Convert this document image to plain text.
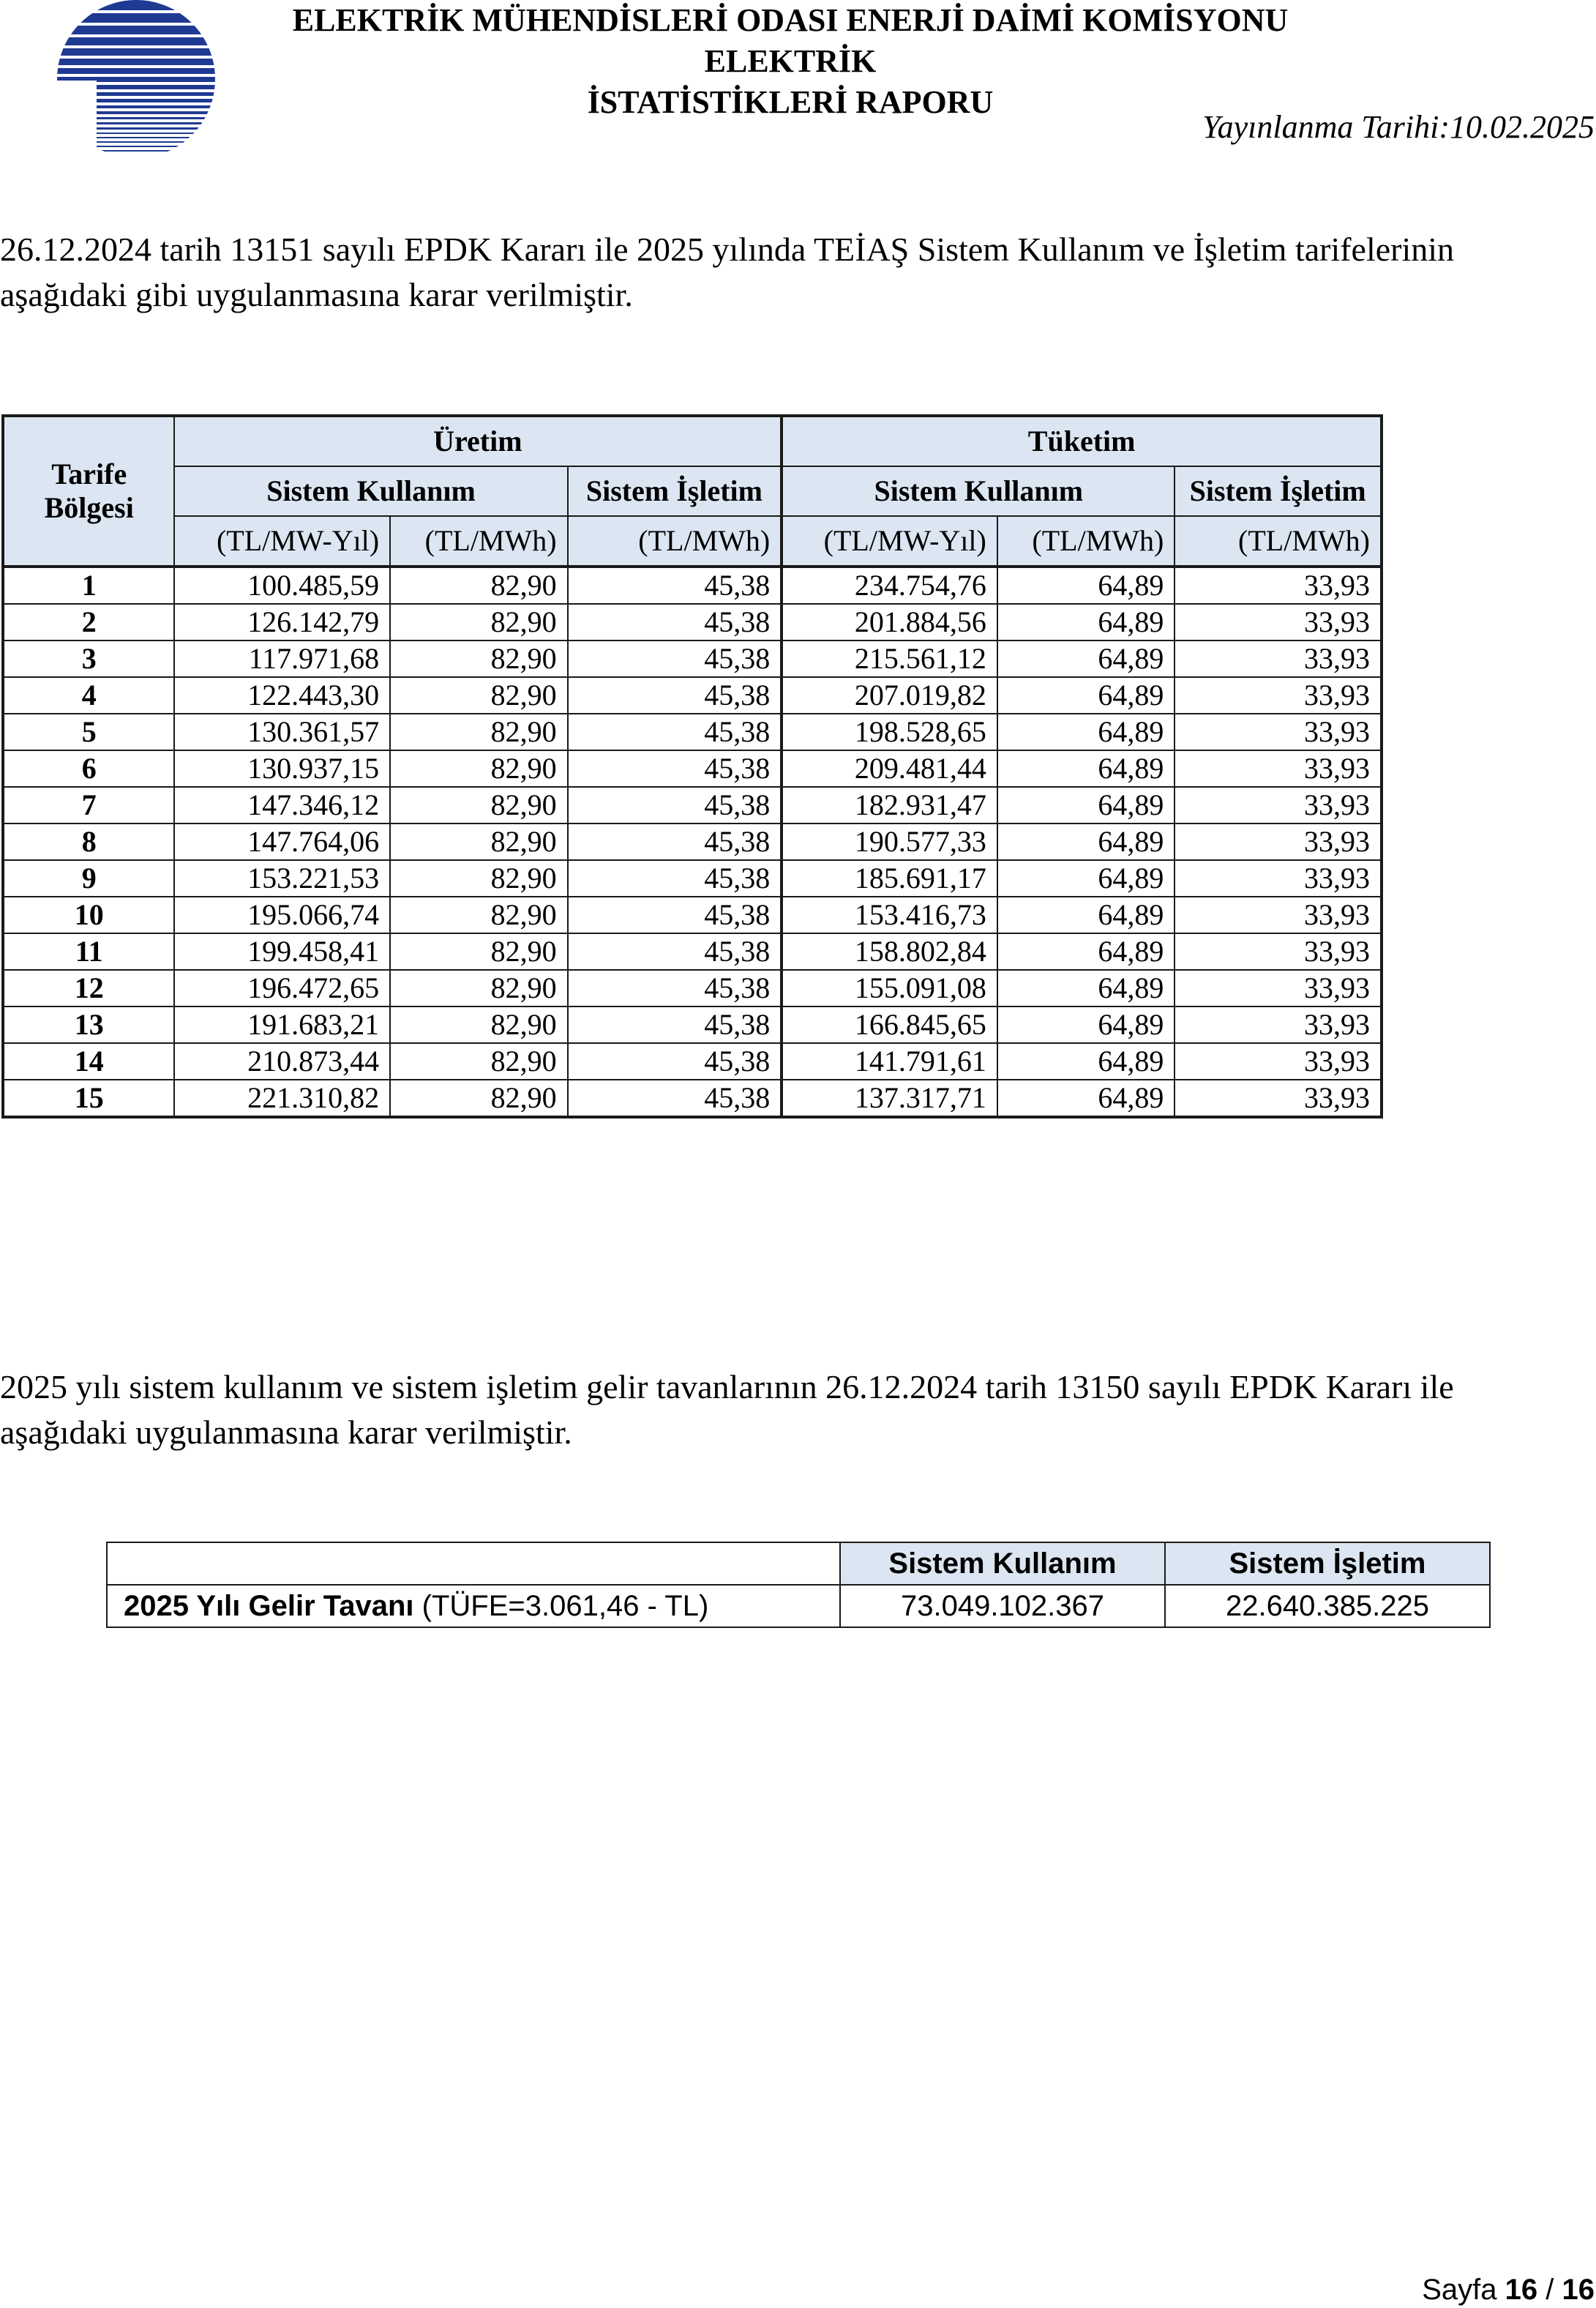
ELEKTRİK MÜHENDİSLERİ ODASI ENERJİ DAİMİ KOMİSYONU ELEKTRİK
İSTATİSTİKLERİ RAPORU
Yayınlanma Tarihi:10.02.2025
26.12.2024 tarih 13151 sayılı EPDK Kararı ile 2025 yılında TEİAŞ Sistem Kullanım ve İşletim tarifelerinin
aşağıdaki gibi uygulanmasına karar verilmiştir.
Tarife Bölgesi	Üretim			Tüketim		
	Sistem Kullanım		Sistem İşletim	Sistem Kullanım		Sistem İşletim
	(TL/MW-Yıl)	(TL/MWh)	(TL/MWh)	(TL/MW-Yıl)	(TL/MWh)	(TL/MWh)
1	100.485,59	82,90	45,38	234.754,76	64,89	33,93
2	126.142,79	82,90	45,38	201.884,56	64,89	33,93
3	117.971,68	82,90	45,38	215.561,12	64,89	33,93
4	122.443,30	82,90	45,38	207.019,82	64,89	33,93
5	130.361,57	82,90	45,38	198.528,65	64,89	33,93
6	130.937,15	82,90	45,38	209.481,44	64,89	33,93
7	147.346,12	82,90	45,38	182.931,47	64,89	33,93
8	147.764,06	82,90	45,38	190.577,33	64,89	33,93
9	153.221,53	82,90	45,38	185.691,17	64,89	33,93
10	195.066,74	82,90	45,38	153.416,73	64,89	33,93
11	199.458,41	82,90	45,38	158.802,84	64,89	33,93
12	196.472,65	82,90	45,38	155.091,08	64,89	33,93
13	191.683,21	82,90	45,38	166.845,65	64,89	33,93
14	210.873,44	82,90	45,38	141.791,61	64,89	33,93
15	221.310,82	82,90	45,38	137.317,71	64,89	33,93
2025 yılı sistem kullanım ve sistem işletim gelir tavanlarının 26.12.2024 tarih 13150 sayılı EPDK Kararı ile
aşağıdaki uygulanmasına karar verilmiştir.
	Sistem Kullanım	Sistem İşletim
2025 Yılı Gelir Tavanı (TÜFE=3.061,46 - TL)	73.049.102.367	22.640.385.225
Sayfa 16 / 16
